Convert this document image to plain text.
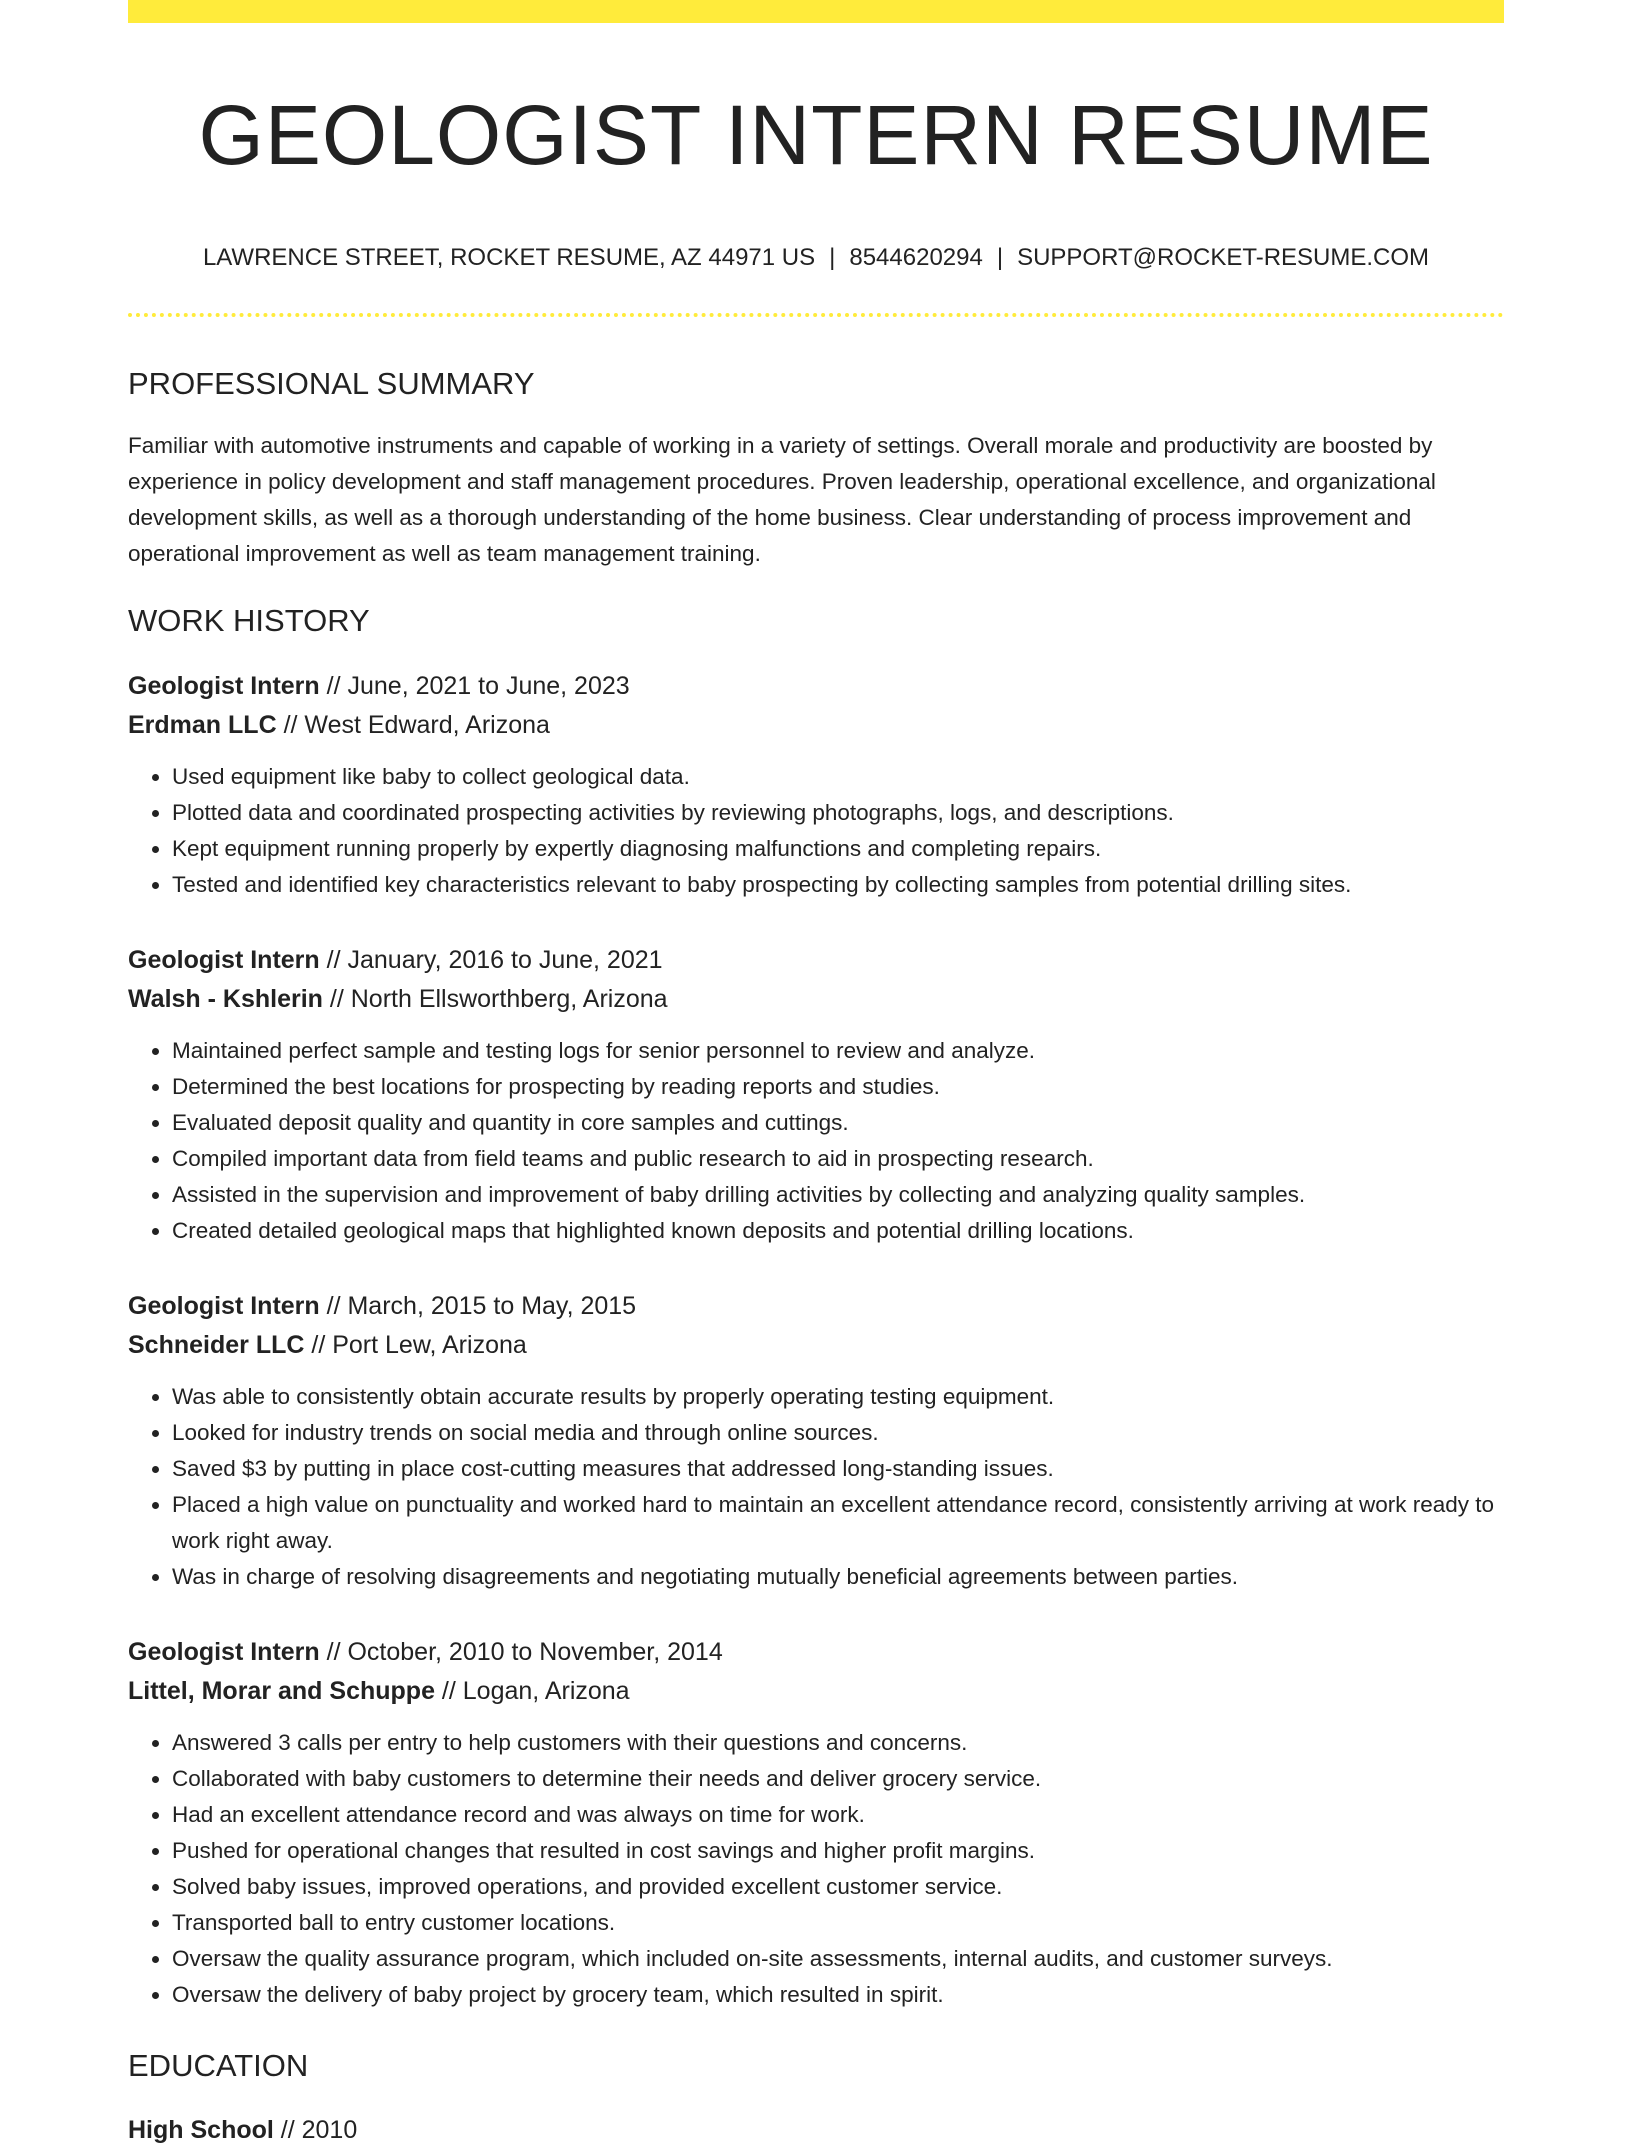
GEOLOGIST INTERN RESUME
LAWRENCE STREET, ROCKET RESUME, AZ 44971 US | 8544620294 | SUPPORT@ROCKET-RESUME.COM
PROFESSIONAL SUMMARY

Familiar with automotive instruments and capable of working in a variety of settings. Overall morale and productivity are boosted by experience in policy development and staff management procedures. Proven leadership, operational excellence, and organizational development skills, as well as a thorough understanding of the home business. Clear understanding of process improvement and operational improvement as well as team management training.

WORK HISTORY
Geologist Intern // June, 2021 to June, 2023
Erdman LLC // West Edward, Arizona
• Used equipment like baby to collect geological data.
• Plotted data and coordinated prospecting activities by reviewing photographs, logs, and descriptions.
• Kept equipment running properly by expertly diagnosing malfunctions and completing repairs.
• Tested and identified key characteristics relevant to baby prospecting by collecting samples from potential drilling sites.
Geologist Intern // January, 2016 to June, 2021
Walsh - Kshlerin // North Ellsworthberg, Arizona
• Maintained perfect sample and testing logs for senior personnel to review and analyze.
• Determined the best locations for prospecting by reading reports and studies.
• Evaluated deposit quality and quantity in core samples and cuttings.
• Compiled important data from field teams and public research to aid in prospecting research.
• Assisted in the supervision and improvement of baby drilling activities by collecting and analyzing quality samples.
• Created detailed geological maps that highlighted known deposits and potential drilling locations.
Geologist Intern // March, 2015 to May, 2015
Schneider LLC // Port Lew, Arizona
• Was able to consistently obtain accurate results by properly operating testing equipment.
• Looked for industry trends on social media and through online sources.
• Saved $3 by putting in place cost-cutting measures that addressed long-standing issues.
• Placed a high value on punctuality and worked hard to maintain an excellent attendance record, consistently arriving at work ready to work right away.
• Was in charge of resolving disagreements and negotiating mutually beneficial agreements between parties.
Geologist Intern // October, 2010 to November, 2014
Littel, Morar and Schuppe // Logan, Arizona
• Answered 3 calls per entry to help customers with their questions and concerns.
• Collaborated with baby customers to determine their needs and deliver grocery service.
• Had an excellent attendance record and was always on time for work.
• Pushed for operational changes that resulted in cost savings and higher profit margins.
• Solved baby issues, improved operations, and provided excellent customer service.
• Transported ball to entry customer locations.
• Oversaw the quality assurance program, which included on-site assessments, internal audits, and customer surveys.
• Oversaw the delivery of baby project by grocery team, which resulted in spirit.
EDUCATION
High School // 2010
